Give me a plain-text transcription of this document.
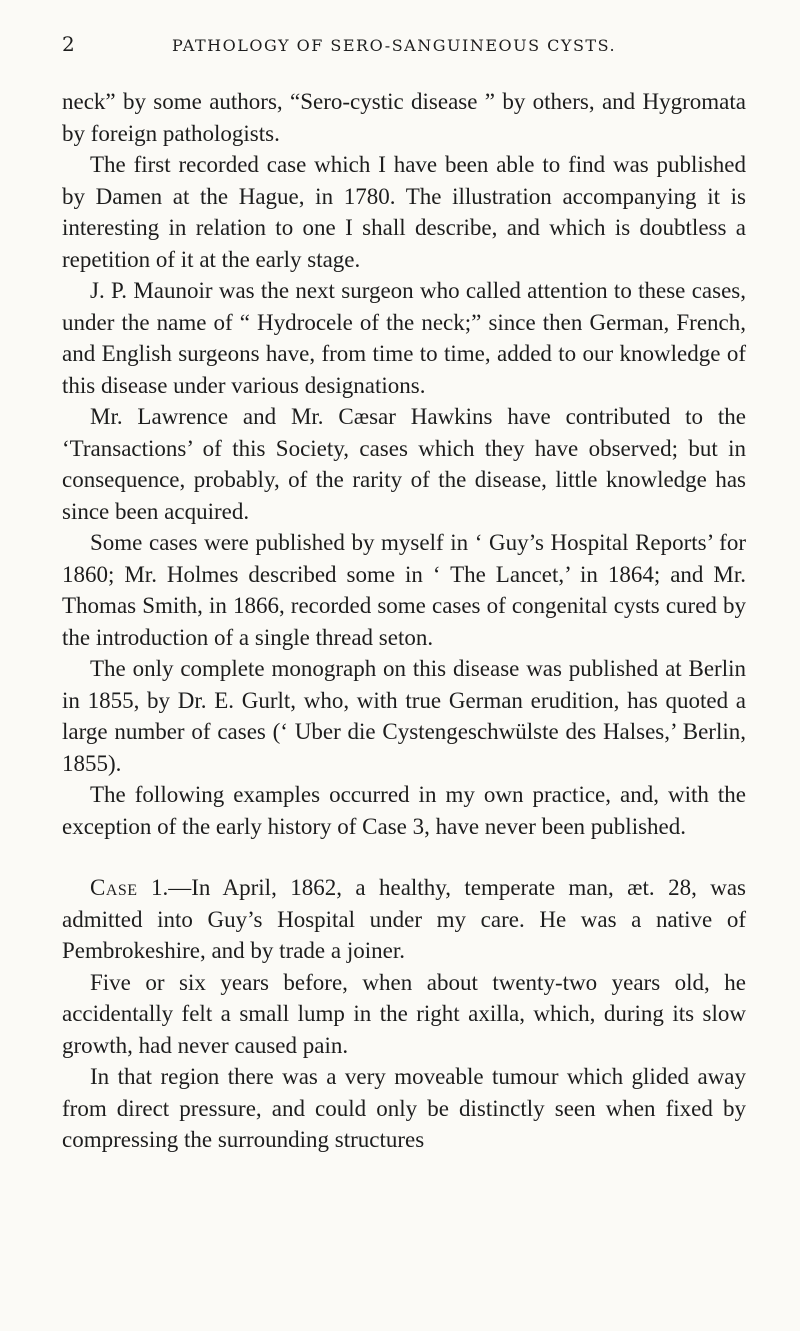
2	PATHOLOGY OF SERO-SANGUINEOUS CYSTS.

neck” by some authors, “Sero-cystic disease ” by others, and Hygromata by foreign pathologists.

The first recorded case which I have been able to find was published by Damen at the Hague, in 1780. The illustration accompanying it is interesting in relation to one I shall describe, and which is doubtless a repetition of it at the early stage.

J. P. Maunoir was the next surgeon who called attention to these cases, under the name of “ Hydrocele of the neck;” since then German, French, and English surgeons have, from time to time, added to our knowledge of this disease under various designations.

Mr. Lawrence and Mr. Cæsar Hawkins have contributed to the ‘Transactions’ of this Society, cases which they have observed; but in consequence, probably, of the rarity of the disease, little knowledge has since been acquired.

Some cases were published by myself in ‘ Guy’s Hospital Reports’ for 1860; Mr. Holmes described some in ‘ The Lancet,’ in 1864; and Mr. Thomas Smith, in 1866, recorded some cases of congenital cysts cured by the introduction of a single thread seton.

The only complete monograph on this disease was published at Berlin in 1855, by Dr. E. Gurlt, who, with true German erudition, has quoted a large number of cases (‘ Uber die Cystengeschwülste des Halses,’ Berlin, 1855).

The following examples occurred in my own practice, and, with the exception of the early history of Case 3, have never been published.

Case 1.—In April, 1862, a healthy, temperate man, æt. 28, was admitted into Guy’s Hospital under my care. He was a native of Pembrokeshire, and by trade a joiner.

Five or six years before, when about twenty-two years old, he accidentally felt a small lump in the right axilla, which, during its slow growth, had never caused pain.

In that region there was a very moveable tumour which glided away from direct pressure, and could only be distinctly seen when fixed by compressing the surrounding structures
